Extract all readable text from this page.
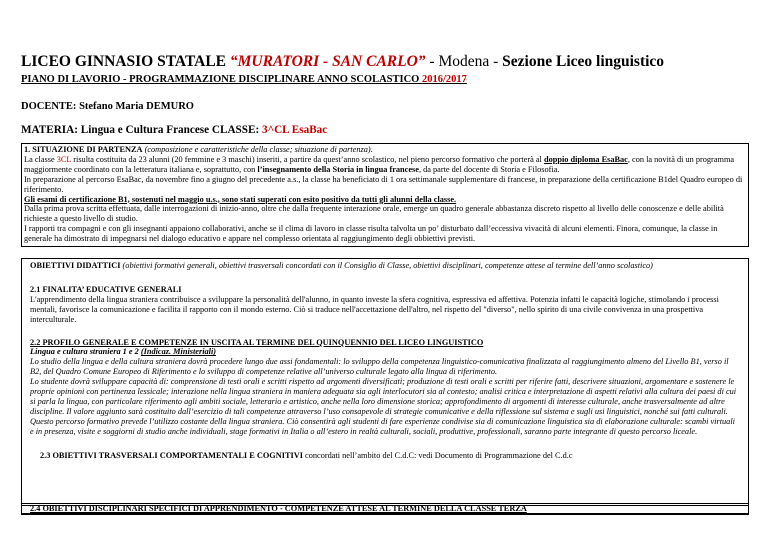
LICEO GINNASIO STATALE “MURATORI - SAN CARLO” - Modena - Sezione Liceo linguistico
PIANO DI LAVORIO - PROGRAMMAZIONE DISCIPLINARE ANNO SCOLASTICO 2016/2017
DOCENTE: Stefano Maria DEMURO
MATERIA: Lingua e Cultura Francese CLASSE: 3^CL EsaBac

1. SITUAZIONE DI PARTENZA (composizione e caratteristiche della classe; situazione di partenza).

La classe 3CL risulta costituita da 23 alunni (20 femmine e 3 maschi) inseriti, a partire da quest’anno scolastico, nel pieno percorso formativo che porterà al doppio diploma EsaBac, con la novità di un programma maggiormente coordinato con la letteratura italiana e, soprattutto, con l’insegnamento della Storia in lingua francese, da parte del docente di Storia e Filosofia.

In preparazione al percorso EsaBac, da novembre fino a giugno del precedente a.s., la classe ha beneficiato di 1 ora settimanale supplementare di francese, in preparazione della certificazione B1del Quadro europeo di riferimento.

Gli esami di certificazione B1, sostenuti nel maggio u.s., sono stati superati con esito positivo da tutti gli alunni della classe.

Dalla prima prova scritta effettuata, dalle interrogazioni di inizio-anno, oltre che dalla frequente interazione orale, emerge un quadro generale abbastanza discreto rispetto al livello delle conoscenze e delle abilità richieste a questo livello di studio.

I rapporti tra compagni e con gli insegnanti appaiono collaborativi, anche se il clima di lavoro in classe risulta talvolta un po’ disturbato dall’eccessiva vivacità di alcuni elementi. Finora, comunque, la classe in generale ha dimostrato di impegnarsi nel dialogo educativo e appare nel complesso orientata al raggiungimento degli obbiettivi previsti.

OBIETTIVI DIDATTICI (obiettivi formativi generali, obiettivi trasversali concordati con il Consiglio di Classe, obiettivi disciplinari, competenze attese al termine dell’anno scolastico)

2.1 FINALITA’ EDUCATIVE GENERALI

L'apprendimento della lingua straniera contribuisce a sviluppare la personalità dell'alunno, in quanto investe la sfera cognitiva, espressiva ed affettiva. Potenzia infatti le capacità logiche, stimolando i processi mentali, favorisce la comunicazione e facilita il rapporto con il mondo esterno. Ciò si traduce nell'accettazione dell'altro, nel rispetto del "diverso", nello spirito di una civile convivenza in una prospettiva interculturale.

2.2 PROFILO GENERALE E COMPETENZE IN USCITA AL TERMINE DEL QUINQUENNIO DEL LICEO LINGUISTICO

Lingua e cultura straniera 1 e 2 (Indicaz. Ministeriali)

Lo studio della lingua e della cultura straniera dovrà procedere lungo due assi fondamentali: lo sviluppo della competenza linguistico-comunicativa finalizzata al raggiungimento almeno del Livello B1, verso il B2, del Quadro Comune Europeo di Riferimento e lo sviluppo di competenze relative all’universo culturale legato alla lingua di riferimento.

Lo studente dovrà sviluppare capacità di: comprensione di testi orali e scritti rispetto ad argomenti diversificati; produzione di testi orali e scritti per riferire fatti, descrivere situazioni, argomentare e sostenere le proprie opinioni con pertinenza lessicale; interazione nella lingua straniera in maniera adeguata sia agli interlocutori sia al contesto; analisi critica e interpretazione di aspetti relativi alla cultura dei paesi di cui si parla la lingua, con particolare riferimento agli ambiti sociale, letterario e artistico, anche nella loro dimensione storica; approfondimento di argomenti di interesse culturale, anche trasversalmente ad altre discipline. Il valore aggiunto sarà costituito dall’esercizio di tali competenze attraverso l’uso consapevole di strategie comunicative e della riflessione sul sistema e sugli usi linguistici, nonché sui fatti culturali.

Questo percorso formativo prevede l’utilizzo costante della lingua straniera. Ciò consentirà agli studenti di fare esperienze condivise sia di comunicazione linguistica sia di elaborazione culturale: scambi virtuali e in presenza, visite e soggiorni di studio anche individuali, stage formativi in Italia o all’estero in realtà culturali, sociali, produttive, professionali, saranno parte integrante di questo percorso liceale.

2.3 OBIETTIVI TRASVERSALI COMPORTAMENTALI E COGNITIVI concordati nell’ambito del C.d.C: vedi Documento di Programmazione del C.d.c

2.4 OBIETTIVI DISCIPLINARI SPECIFICI DI APPRENDIMENTO - COMPETENZE ATTESE AL TERMINE DELLA CLASSE TERZA
